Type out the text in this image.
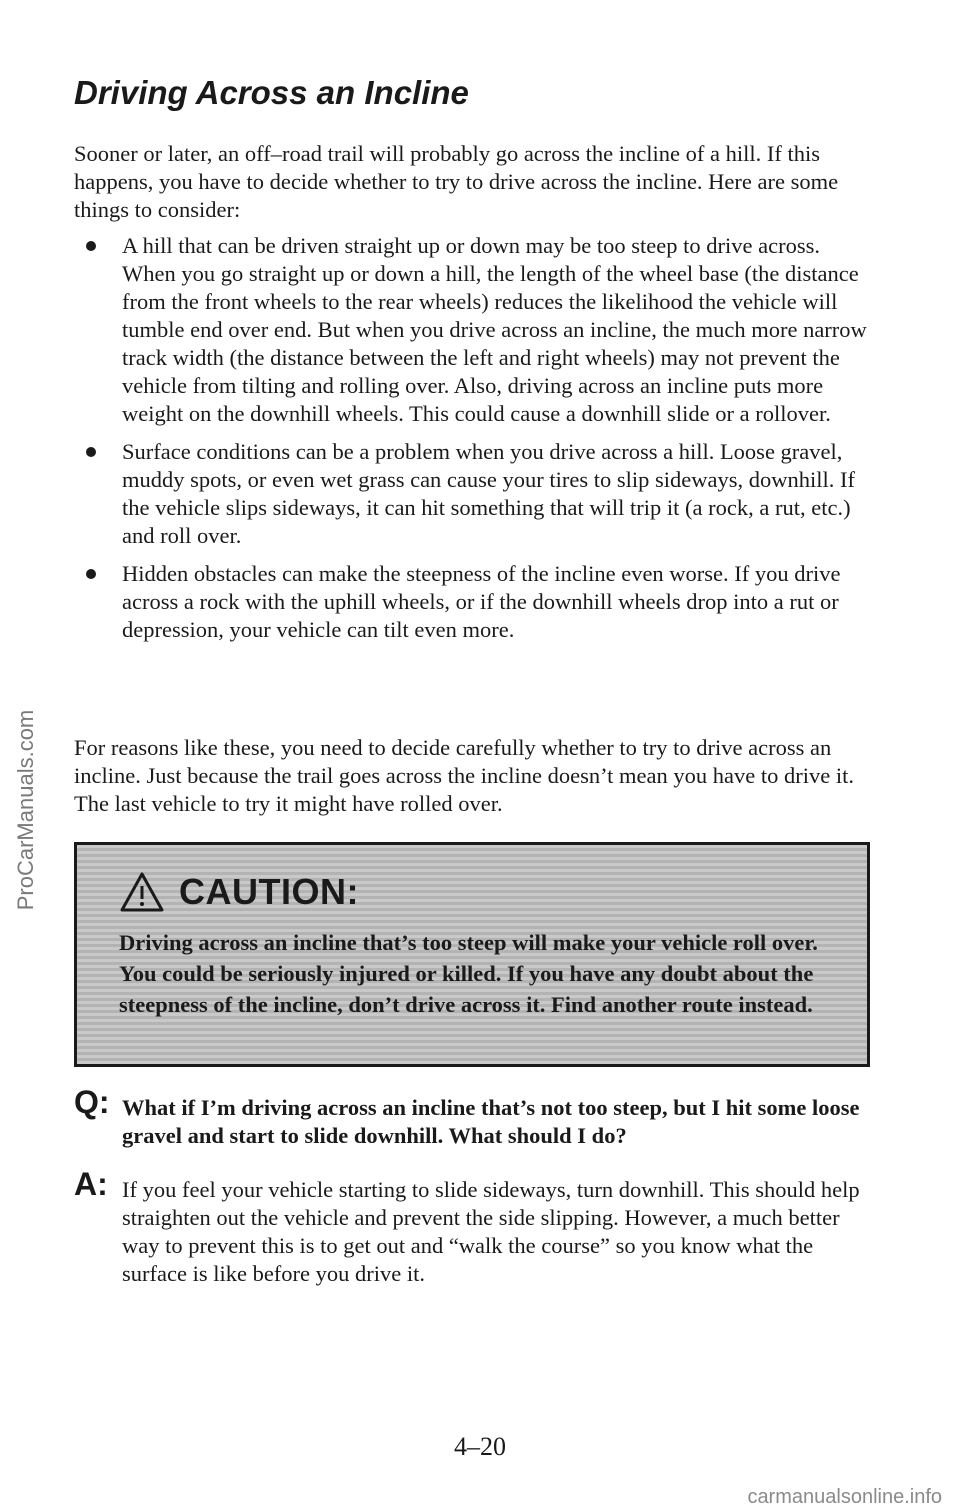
ProCarManuals.com
Driving Across an Incline

Sooner or later, an off–road trail will probably go across the incline of a hill. If this happens, you have to decide whether to try to drive across the incline. Here are some things to consider:

A hill that can be driven straight up or down may be too steep to drive across. When you go straight up or down a hill, the length of the wheel base (the distance from the front wheels to the rear wheels) reduces the likelihood the vehicle will tumble end over end. But when you drive across an incline, the much more narrow track width (the distance between the left and right wheels) may not prevent the vehicle from tilting and rolling over. Also, driving across an incline puts more weight on the downhill wheels. This could cause a downhill slide or a rollover.
Surface conditions can be a problem when you drive across a hill. Loose gravel, muddy spots, or even wet grass can cause your tires to slip sideways, downhill. If the vehicle slips sideways, it can hit something that will trip it (a rock, a rut, etc.) and roll over.
Hidden obstacles can make the steepness of the incline even worse. If you drive across a rock with the uphill wheels, or if the downhill wheels drop into a rut or depression, your vehicle can tilt even more.

For reasons like these, you need to decide carefully whether to try to drive across an incline. Just because the trail goes across the incline doesn’t mean you have to drive it. The last vehicle to try it might have rolled over.

CAUTION:

Driving across an incline that’s too steep will make your vehicle roll over. You could be seriously injured or killed. If you have any doubt about the steepness of the incline, don’t drive across it. Find another route instead.

Q: What if I’m driving across an incline that’s not too steep, but I hit some loose gravel and start to slide downhill. What should I do?
A: If you feel your vehicle starting to slide sideways, turn downhill. This should help straighten out the vehicle and prevent the side slipping. However, a much better way to prevent this is to get out and “walk the course” so you know what the surface is like before you drive it.
4–20
carmanualsonline.info
